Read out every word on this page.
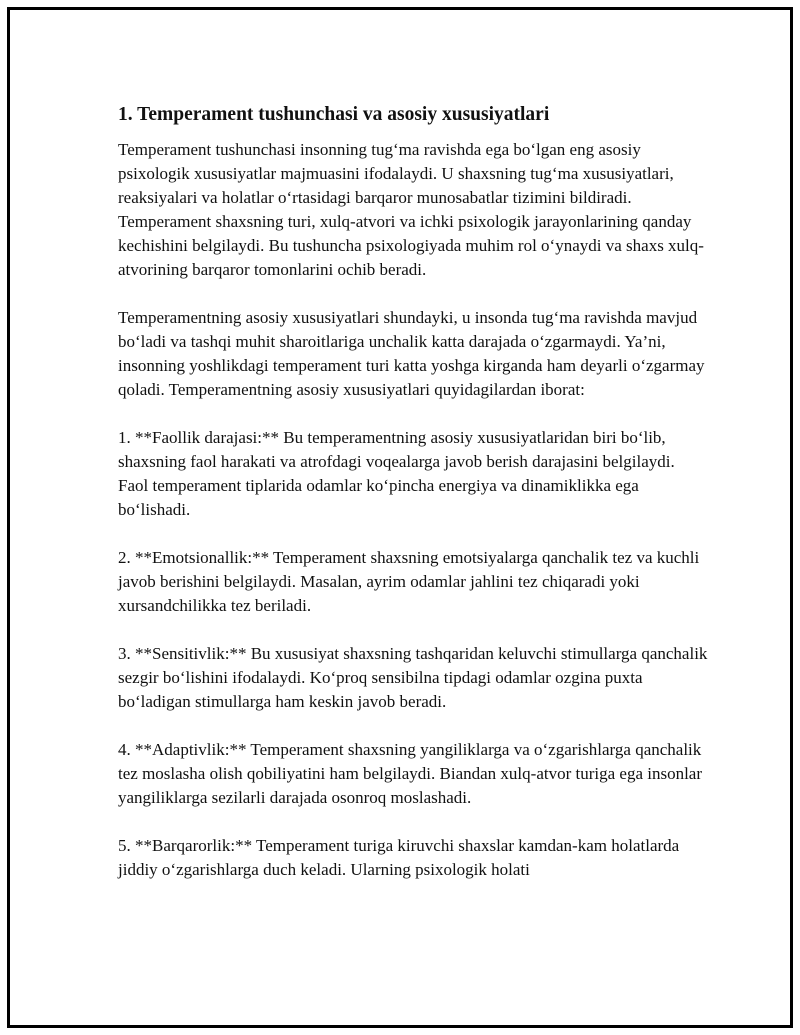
1. Temperament tushunchasi va asosiy xususiyatlari

Temperament tushunchasi insonning tug‘ma ravishda ega bo‘lgan eng asosiy psixologik xususiyatlar majmuasini ifodalaydi. U shaxsning tug‘ma xususiyatlari, reaksiyalari va holatlar o‘rtasidagi barqaror munosabatlar tizimini bildiradi. Temperament shaxsning turi, xulq-atvori va ichki psixologik jarayonlarining qanday kechishini belgilaydi. Bu tushuncha psixologiyada muhim rol o‘ynaydi va shaxs xulq-atvorining barqaror tomonlarini ochib beradi.

Temperamentning asosiy xususiyatlari shundayki, u insonda tug‘ma ravishda mavjud bo‘ladi va tashqi muhit sharoitlariga unchalik katta darajada o‘zgarmaydi. Ya’ni, insonning yoshlikdagi temperament turi katta yoshga kirganda ham deyarli o‘zgarmay qoladi. Temperamentning asosiy xususiyatlari quyidagilardan iborat:

1. **Faollik darajasi:** Bu temperamentning asosiy xususiyatlaridan biri bo‘lib, shaxsning faol harakati va atrofdagi voqealarga javob berish darajasini belgilaydi. Faol temperament tiplarida odamlar ko‘pincha energiya va dinamiklikka ega bo‘lishadi.

2. **Emotsionallik:** Temperament shaxsning emotsiyalarga qanchalik tez va kuchli javob berishini belgilaydi. Masalan, ayrim odamlar jahlini tez chiqaradi yoki xursandchilikka tez beriladi.

3. **Sensitivlik:** Bu xususiyat shaxsning tashqaridan keluvchi stimullarga qanchalik sezgir bo‘lishini ifodalaydi. Ko‘proq sensibilna tipdagi odamlar ozgina puxta bo‘ladigan stimullarga ham keskin javob beradi.

4. **Adaptivlik:** Temperament shaxsning yangiliklarga va o‘zgarishlarga qanchalik tez moslasha olish qobiliyatini ham belgilaydi. Biandan xulq-atvor turiga ega insonlar yangiliklarga sezilarli darajada osonroq moslashadi.

5. **Barqarorlik:** Temperament turiga kiruvchi shaxslar kamdan-kam holatlarda jiddiy o‘zgarishlarga duch keladi. Ularning psixologik holati
